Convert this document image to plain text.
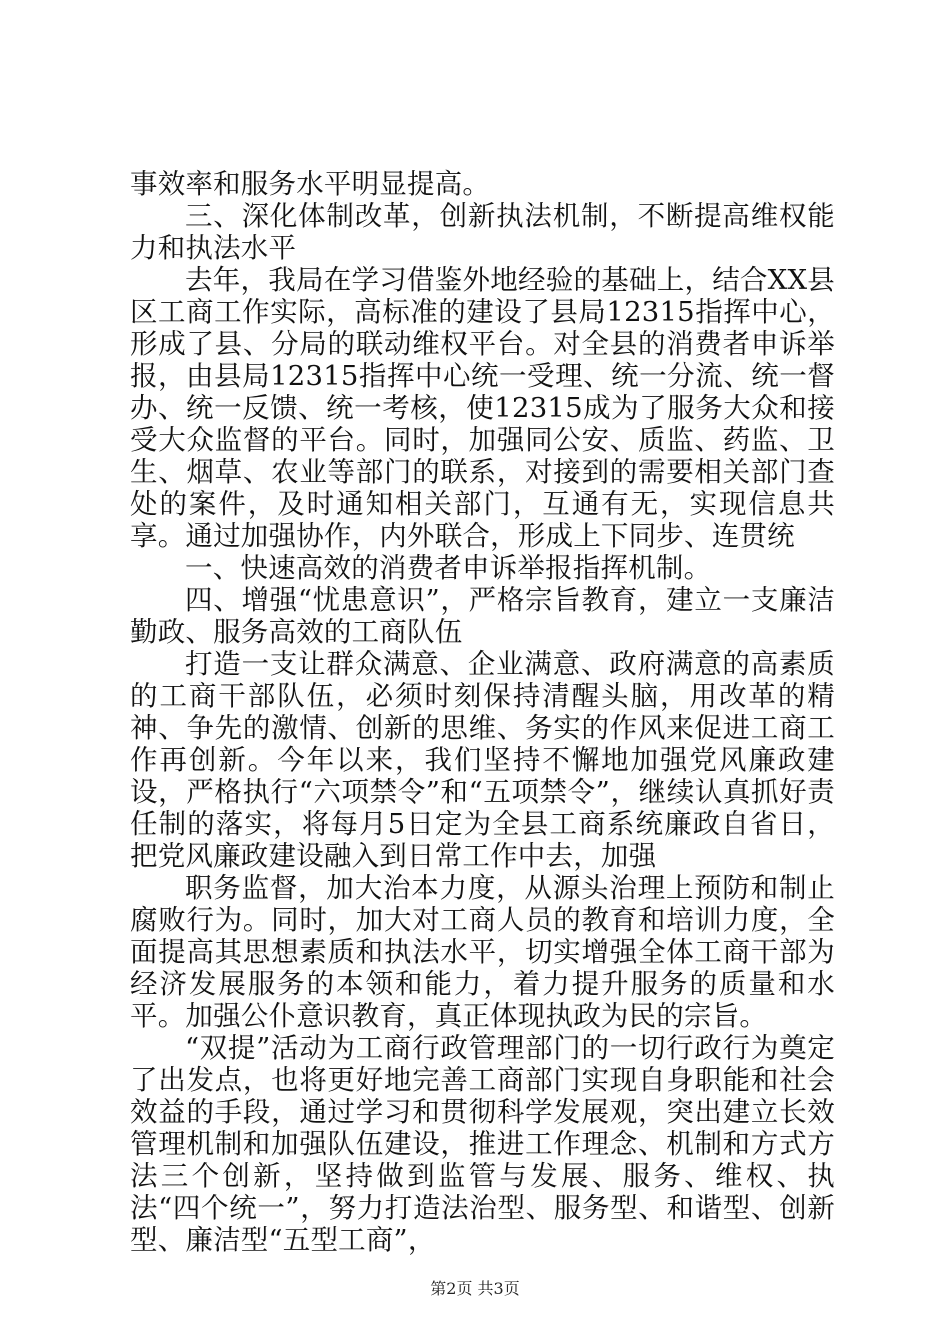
事效率和服务水平明显提高。

三、深化体制改革，创新执法机制，不断提高维权能力和执法水平

去年，我局在学习借鉴外地经验的基础上，结合XX县区工商工作实际，高标准的建设了县局12315指挥中心，形成了县、分局的联动维权平台。对全县的消费者申诉举报，由县局12315指挥中心统一受理、统一分流、统一督办、统一反馈、统一考核，使12315成为了服务大众和接受大众监督的平台。同时，加强同公安、质监、药监、卫生、烟草、农业等部门的联系，对接到的需要相关部门查处的案件，及时通知相关部门，互通有无，实现信息共享。通过加强协作，内外联合，形成上下同步、连贯统

一、快速高效的消费者申诉举报指挥机制。

四、增强“忧患意识”，严格宗旨教育，建立一支廉洁勤政、服务高效的工商队伍

打造一支让群众满意、企业满意、政府满意的高素质的工商干部队伍，必须时刻保持清醒头脑，用改革的精神、争先的激情、创新的思维、务实的作风来促进工商工作再创新。今年以来，我们坚持不懈地加强党风廉政建设，严格执行“六项禁令”和“五项禁令”，继续认真抓好责任制的落实，将每月5日定为全县工商系统廉政自省日，把党风廉政建设融入到日常工作中去，加强

职务监督，加大治本力度，从源头治理上预防和制止腐败行为。同时，加大对工商人员的教育和培训力度，全面提高其思想素质和执法水平，切实增强全体工商干部为经济发展服务的本领和能力，着力提升服务的质量和水平。加强公仆意识教育，真正体现执政为民的宗旨。

“双提”活动为工商行政管理部门的一切行政行为奠定了出发点，也将更好地完善工商部门实现自身职能和社会效益的手段，通过学习和贯彻科学发展观，突出建立长效管理机制和加强队伍建设，推进工作理念、机制和方式方法三个创新，坚持做到监管与发展、服务、维权、执法“四个统一”，努力打造法治型、服务型、和谐型、创新型、廉洁型“五型工商”，

第2页 共3页
